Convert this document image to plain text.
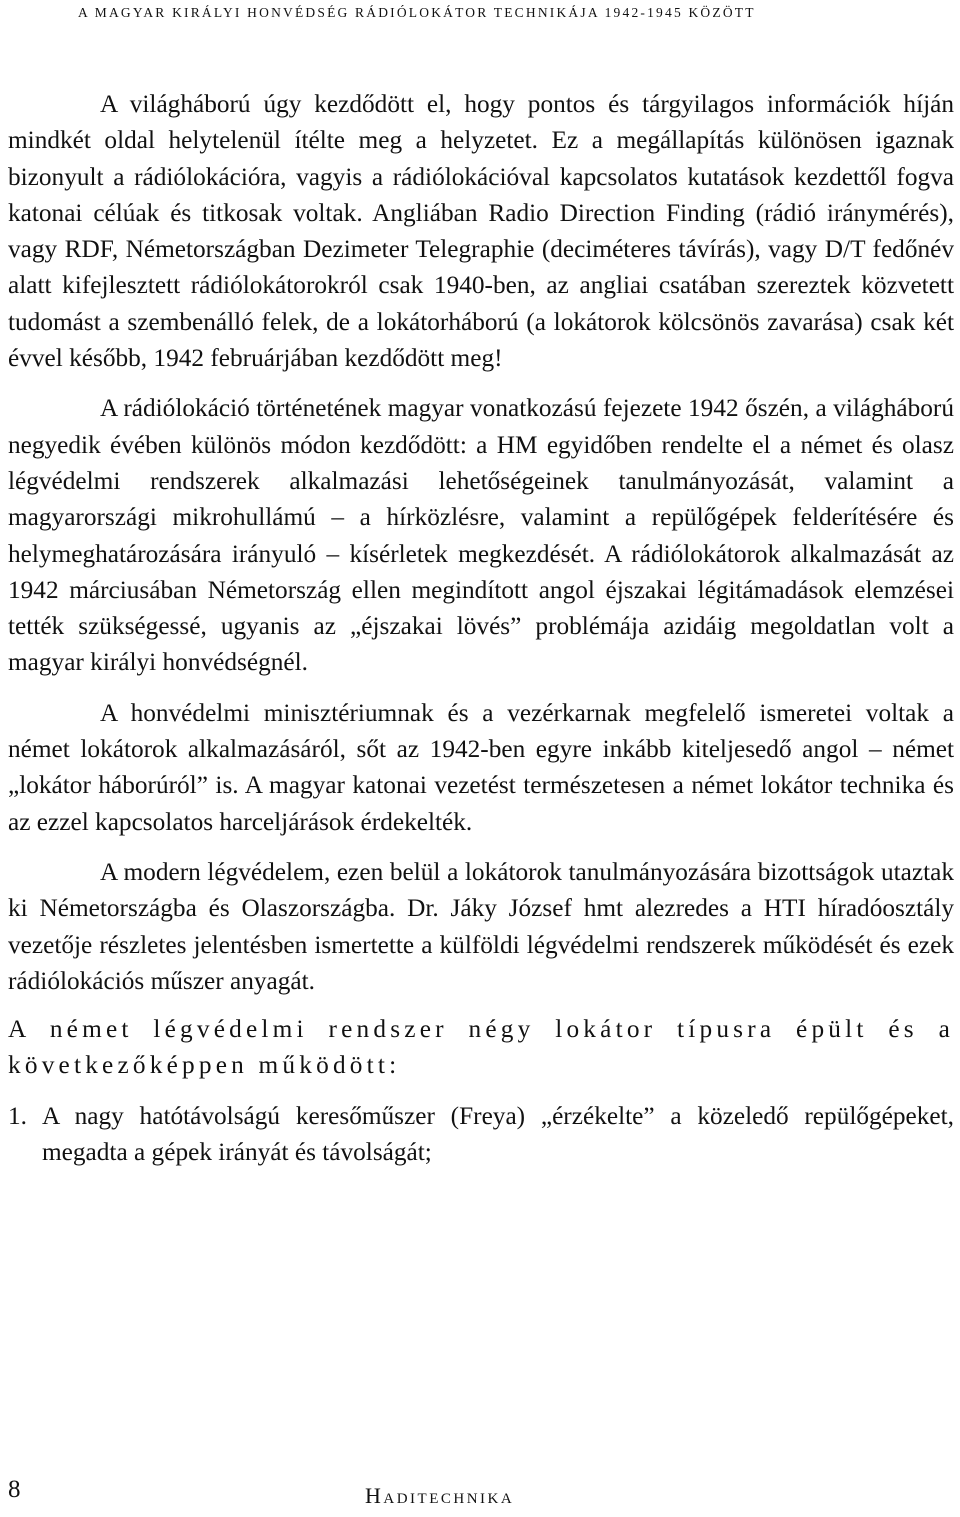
A MAGYAR KIRÁLYI HONVÉDSÉG RÁDIÓLOKÁTOR TECHNIKÁJA 1942-1945 KÖZÖTT

A világháború úgy kezdődött el, hogy pontos és tárgyilagos információk híján mindkét oldal helytelenül ítélte meg a helyzetet. Ez a megállapítás különösen igaznak bizonyult a rádiólokációra, vagyis a rádiólokációval kapcsolatos kutatások kezdettől fogva katonai célúak és titkosak voltak. Angliában Radio Direction Finding (rádió iránymérés), vagy RDF, Németországban Dezimeter Telegraphie (deciméteres távírás), vagy D/T fedőnév alatt kifejlesztett rádiólokátorokról csak 1940-ben, az angliai csatában szereztek közvetett tudomást a szembenálló felek, de a lokátorháború (a lokátorok kölcsönös zavarása) csak két évvel később, 1942 februárjában kezdődött meg!

A rádiólokáció történetének magyar vonatkozású fejezete 1942 őszén, a világháború negyedik évében különös módon kezdődött: a HM egyidőben rendelte el a német és olasz légvédelmi rendszerek alkalmazási lehetőségeinek tanulmányozását, valamint a magyarországi mikrohullámú – a hírközlésre, valamint a repülőgépek felderítésére és helymeghatározására irányuló – kísérletek megkezdését. A rádiólokátorok alkalmazását az 1942 márciusában Németország ellen megindított angol éjszakai légitámadások elemzései tették szükségessé, ugyanis az „éjszakai lövés” problémája azidáig megoldatlan volt a magyar királyi honvédségnél.

A honvédelmi minisztériumnak és a vezérkarnak megfelelő ismeretei voltak a német lokátorok alkalmazásáról, sőt az 1942-ben egyre inkább kiteljesedő angol – német „lokátor háborúról” is. A magyar katonai vezetést természetesen a német lokátor technika és az ezzel kapcsolatos harceljárások érdekelték.

A modern légvédelem, ezen belül a lokátorok tanulmányozására bizottságok utaztak ki Németországba és Olaszországba. Dr. Jáky József hmt alezredes a HTI híradóosztály vezetője részletes jelentésben ismertette a külföldi légvédelmi rendszerek működését és ezek rádiólokációs műszer anyagát.

A német légvédelmi rendszer négy lokátor típusra épült és a következőképpen működött:

1. A nagy hatótávolságú keresőműszer (Freya) „érzékelte” a közeledő repülőgépeket, megadta a gépek irányát és távolságát;
8	Haditechnika
